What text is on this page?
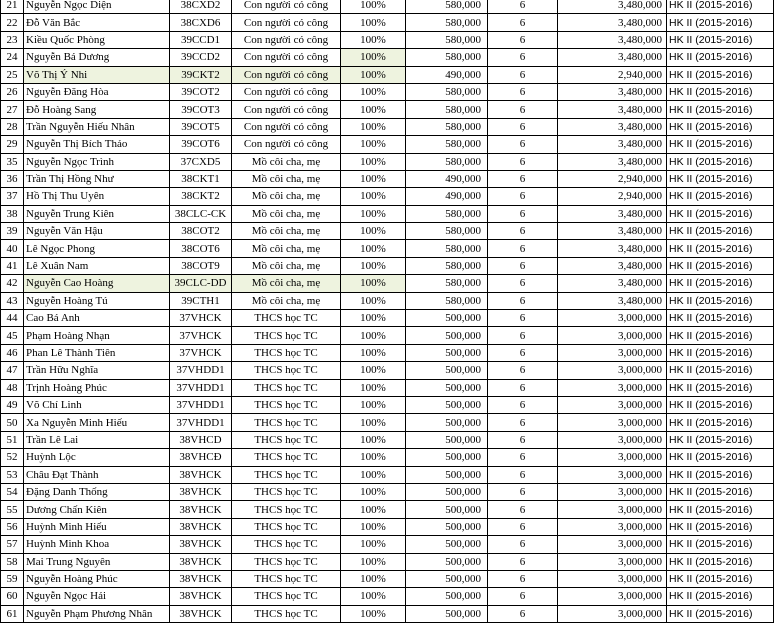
21	Nguyễn Ngọc Diện	38CXD2	Con người có công	100%	580,000	6	3,480,000	HK II (2015-2016)
22	Đỗ Văn Bắc	38CXD6	Con người có công	100%	580,000	6	3,480,000	HK II (2015-2016)
23	Kiều Quốc Phòng	39CCD1	Con người có công	100%	580,000	6	3,480,000	HK II (2015-2016)
24	Nguyễn Bá Dương	39CCD2	Con người có công	100%	580,000	6	3,480,000	HK II (2015-2016)
25	Võ Thị Ý Nhi	39CKT2	Con người có công	100%	490,000	6	2,940,000	HK II (2015-2016)
26	Nguyễn Đăng Hòa	39COT2	Con người có công	100%	580,000	6	3,480,000	HK II (2015-2016)
27	Đỗ Hoàng Sang	39COT3	Con người có công	100%	580,000	6	3,480,000	HK II (2015-2016)
28	Trần Nguyễn Hiếu Nhân	39COT5	Con người có công	100%	580,000	6	3,480,000	HK II (2015-2016)
29	Nguyễn Thị Bích Thảo	39COT6	Con người có công	100%	580,000	6	3,480,000	HK II (2015-2016)
35	Nguyễn Ngọc Trình	37CXD5	Mồ côi cha, mẹ	100%	580,000	6	3,480,000	HK II (2015-2016)
36	Trần Thị Hồng Như	38CKT1	Mồ côi cha, mẹ	100%	490,000	6	2,940,000	HK II (2015-2016)
37	Hồ Thị Thu Uyên	38CKT2	Mồ côi cha, mẹ	100%	490,000	6	2,940,000	HK II (2015-2016)
38	Nguyễn Trung Kiên	38CLC-CK	Mồ côi cha, mẹ	100%	580,000	6	3,480,000	HK II (2015-2016)
39	Nguyễn Văn Hậu	38COT2	Mồ côi cha, mẹ	100%	580,000	6	3,480,000	HK II (2015-2016)
40	Lê Ngọc Phong	38COT6	Mồ côi cha, mẹ	100%	580,000	6	3,480,000	HK II (2015-2016)
41	Lê Xuân Nam	38COT9	Mồ côi cha, mẹ	100%	580,000	6	3,480,000	HK II (2015-2016)
42	Nguyễn Cao Hoàng	39CLC-DD	Mồ côi cha, mẹ	100%	580,000	6	3,480,000	HK II (2015-2016)
43	Nguyễn Hoàng Tú	39CTH1	Mồ côi cha, mẹ	100%	580,000	6	3,480,000	HK II (2015-2016)
44	Cao Bá Anh	37VHCK	THCS học TC	100%	500,000	6	3,000,000	HK II (2015-2016)
45	Phạm Hoàng Nhạn	37VHCK	THCS học TC	100%	500,000	6	3,000,000	HK II (2015-2016)
46	Phan Lê Thành Tiên	37VHCK	THCS học TC	100%	500,000	6	3,000,000	HK II (2015-2016)
47	Trần Hữu Nghĩa	37VHDD1	THCS học TC	100%	500,000	6	3,000,000	HK II (2015-2016)
48	Trịnh Hoàng Phúc	37VHDD1	THCS học TC	100%	500,000	6	3,000,000	HK II (2015-2016)
49	Võ Chí Linh	37VHDD1	THCS học TC	100%	500,000	6	3,000,000	HK II (2015-2016)
50	Xa Nguyễn Minh Hiếu	37VHDD1	THCS học TC	100%	500,000	6	3,000,000	HK II (2015-2016)
51	Trần Lê Lai	38VHCD	THCS học TC	100%	500,000	6	3,000,000	HK II (2015-2016)
52	Huỳnh Lộc	38VHCĐ	THCS học TC	100%	500,000	6	3,000,000	HK II (2015-2016)
53	Châu Đạt Thành	38VHCK	THCS học TC	100%	500,000	6	3,000,000	HK II (2015-2016)
54	Đặng Danh Thống	38VHCK	THCS học TC	100%	500,000	6	3,000,000	HK II (2015-2016)
55	Dương Chấn Kiên	38VHCK	THCS học TC	100%	500,000	6	3,000,000	HK II (2015-2016)
56	Huỳnh Minh Hiếu	38VHCK	THCS học TC	100%	500,000	6	3,000,000	HK II (2015-2016)
57	Huỳnh Minh Khoa	38VHCK	THCS học TC	100%	500,000	6	3,000,000	HK II (2015-2016)
58	Mai Trung Nguyên	38VHCK	THCS học TC	100%	500,000	6	3,000,000	HK II (2015-2016)
59	Nguyễn Hoàng Phúc	38VHCK	THCS học TC	100%	500,000	6	3,000,000	HK II (2015-2016)
60	Nguyễn Ngọc Hải	38VHCK	THCS học TC	100%	500,000	6	3,000,000	HK II (2015-2016)
61	Nguyễn Phạm Phương Nhân	38VHCK	THCS học TC	100%	500,000	6	3,000,000	HK II (2015-2016)
